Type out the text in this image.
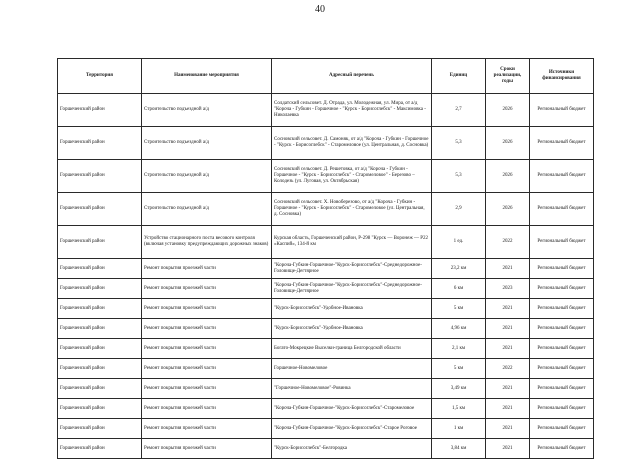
40
Территория	Наименование мероприятия	Адресный перечень	Единиц	Сроки реализации, годы	Источники финансирования
Горшеченский район	Строительство подъездной а/д	Солдатский сельсовет. Д. Отрада, ул. Молодежная, ул. Мира, от а/д "Короча - Губкин - Горшечное - "Курск - Борисоглебск" - Максимовка - Николаевка	2,7	2026	Региональный бюджет
Горшеченский район	Строительство подъездной а/д	Сосновский сельсовет. Д. Самоняк, от а/д "Короча - Губкин - Горшечное - "Курск - Борисоглебск" - Старомеловое (ул. Центральная, д. Сосновка)	5,3	2026	Региональный бюджет
Горшеченский район	Строительство подъездной а/д	Сосновский сельсовет. Д. Решетовка, от а/д "Короча - Губкин - Горшечное - "Курск - Борисоглебск" - Старомеловое" - Березово – Колодезь (ул. Луговая, ул. Октябрьская)	5,3	2026	Региональный бюджет
Горшеченский район	Строительство подъездной а/д	Сосновский сельсовет. Х. Новоберезово, от а/д "Короча - Губкин - Горшечное - "Курск - Борисоглебск" - Старомеловое (ул. Центральная, д. Сосновка)	2,9	2026	Региональный бюджет
Горшеченский район	Устройство стационарного поста весового контроля (включая установку предупреждающих дорожных знаков)	Курская область, Горшеченский район, Р-298 "Курск — Воронеж — Р22 «Каспий», 134-й км	1 ед.	2022	Региональный бюджет
Горшеченский район	Ремонт покрытия проезжей части	"Короча-Губкин-Горшечное-"Курск-Борисоглебск"-Среднедорожное-Головище-Дегтярное	23,2 км	2021	Региональный бюджет
Горшеченский район	Ремонт покрытия проезжей части	"Короча-Губкин-Горшечное-"Курск-Борисоглебск"-Среднедорожное-Головище-Дегтярное	6 км	2023	Региональный бюджет
Горшеченский район	Ремонт покрытия проезжей части	"Курск-Борисоглебск"-Удобное-Ивановка	5 км	2021	Региональный бюджет
Горшеченский район	Ремонт покрытия проезжей части	"Курск-Борисоглебск"-Удобное-Ивановка	4,96 км	2021	Региональный бюджет
Горшеченский район	Ремонт покрытия проезжей части	Богато-Мокрецкие Выселки-граница Белгородской области	2,1 км	2021	Региональный бюджет
Горшеченский район	Ремонт покрытия проезжей части	Горшечное-Новомеловое	5 км	2022	Региональный бюджет
Горшеченский район	Ремонт покрытия проезжей части	"Горшечное-Новомеловое"-Ровинка	3,49 км	2021	Региональный бюджет
Горшеченский район	Ремонт покрытия проезжей части	"Короча-Губкин-Горшечное-"Курск-Борисоглебск"-Старомеловое	1,5 км	2021	Региональный бюджет
Горшеченский район	Ремонт покрытия проезжей части	"Короча-Губкин-Горшечное-"Курск-Борисоглебск"-Старое Роговое	1 км	2021	Региональный бюджет
Горшеченский район	Ремонт покрытия проезжей части	"Курск-Борисоглебск"-Белгородка	3,84 км	2021	Региональный бюджет
